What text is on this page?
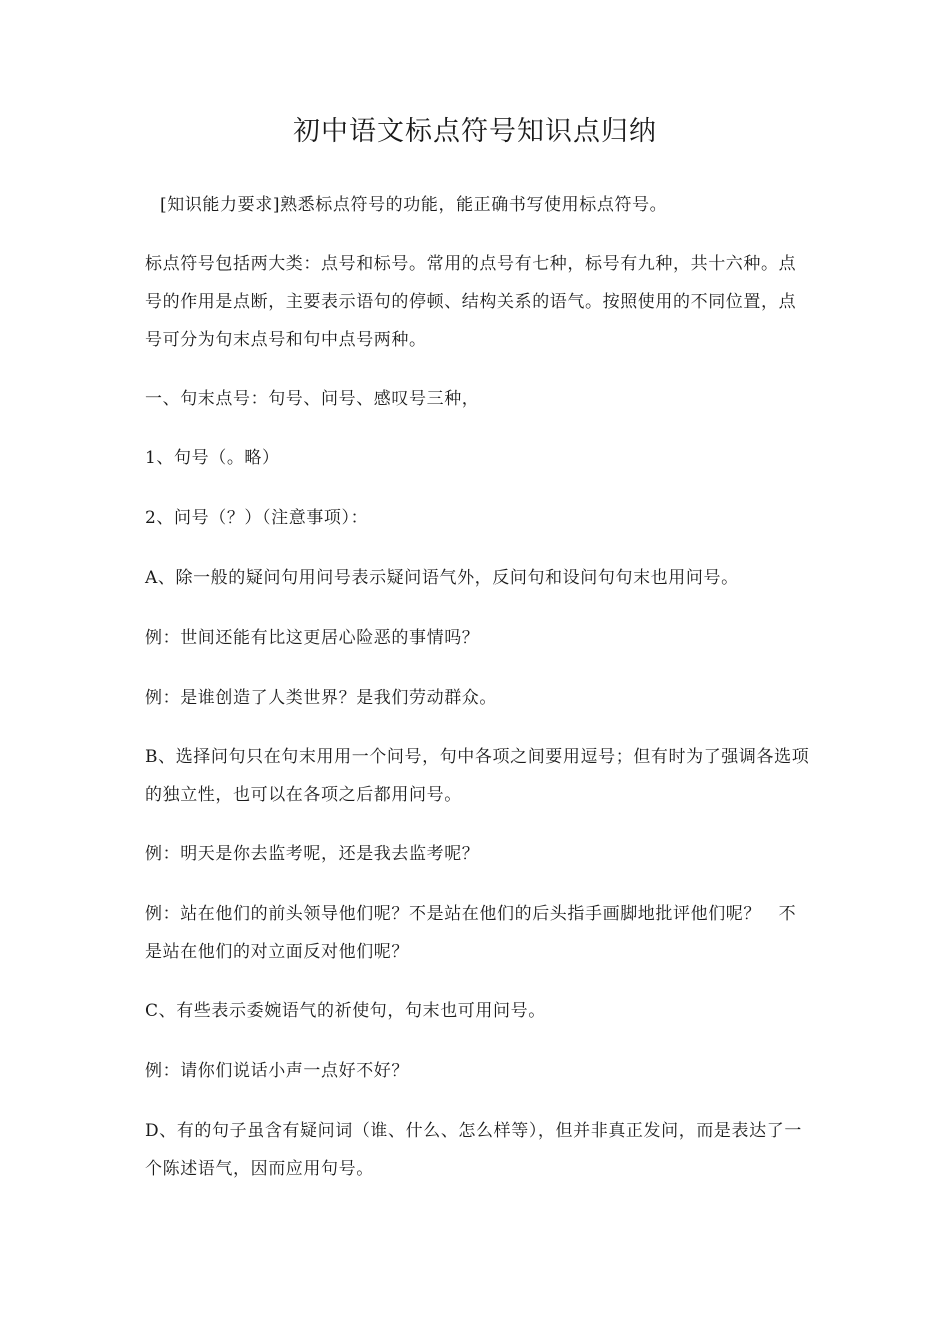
初中语文标点符号知识点归纳
[知识能力要求]熟悉标点符号的功能，能正确书写使用标点符号。
标点符号包括两大类：点号和标号。常用的点号有七种，标号有九种，共十六种。点号的作用是点断，主要表示语句的停顿、结构关系的语气。按照使用的不同位置，点号可分为句末点号和句中点号两种。
一、句末点号：句号、问号、感叹号三种，
1、句号（。略）
2、问号（？）（注意事项）：
A、除一般的疑问句用问号表示疑问语气外，反问句和设问句句末也用问号。
例：世间还能有比这更居心险恶的事情吗？
例：是谁创造了人类世界？是我们劳动群众。
B、选择问句只在句末用用一个问号，句中各项之间要用逗号；但有时为了强调各选项的独立性，也可以在各项之后都用问号。
例：明天是你去监考呢，还是我去监考呢？
例：站在他们的前头领导他们呢？不是站在他们的后头指手画脚地批评他们呢？　不是站在他们的对立面反对他们呢？
C、有些表示委婉语气的祈使句，句末也可用问号。
例：请你们说话小声一点好不好？
D、有的句子虽含有疑问词（谁、什么、怎么样等），但并非真正发问，而是表达了一个陈述语气，因而应用句号。
